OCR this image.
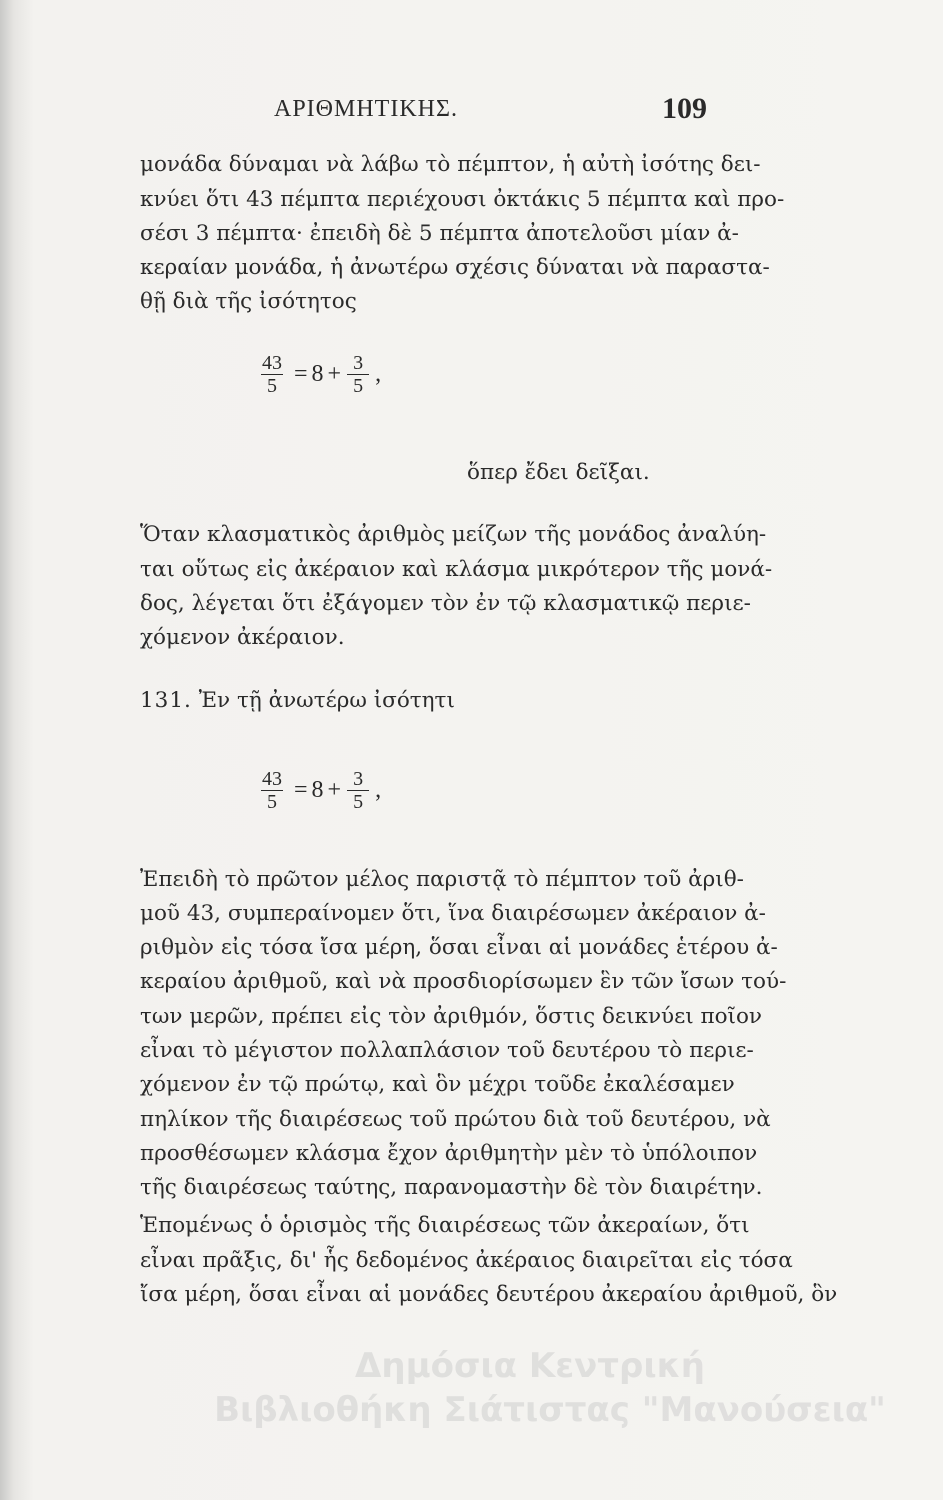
ΑΡΙΘΜΗΤΙΚΗΣ.	109
μονάδα δύναμαι νὰ λάβω τὸ πέμπτον, ἡ αὐτὴ ἰσότης δει-
κνύει ὅτι 43 πέμπτα περιέχουσι ὀκτάκις 5 πέμπτα καὶ προ-
σέσι 3 πέμπτα· ἐπειδὴ δὲ 5 πέμπτα ἀποτελοῦσι μίαν ἀ-
κεραίαν μονάδα, ἡ ἀνωτέρω σχέσις δύναται νὰ παραστα-
θῇ διὰ τῆς ἰσότητος
$\frac{43}{5} = 8 + \frac{3}{5}$ ,
ὅπερ ἔδει δεῖξαι.
Ὅταν κλασματικὸς ἀριθμὸς μείζων τῆς μονάδος ἀναλύη-
ται οὕτως εἰς ἀκέραιον καὶ κλάσμα μικρότερον τῆς μονά-
δος, λέγεται ὅτι ἐξάγομεν τὸν ἐν τῷ κλασματικῷ περιε-
χόμενον ἀκέραιον.
131. Ἐν τῇ ἀνωτέρω ἰσότητι
$\frac{43}{5} = 8 + \frac{3}{5}$ ,
Ἐπειδὴ τὸ πρῶτον μέλος παριστᾷ τὸ πέμπτον τοῦ ἀριθ-
μοῦ 43, συμπεραίνομεν ὅτι, ἵνα διαιρέσωμεν ἀκέραιον ἀ-
ριθμὸν εἰς τόσα ἴσα μέρη, ὅσαι εἶναι αἱ μονάδες ἑτέρου ἀ-
κεραίου ἀριθμοῦ, καὶ νὰ προσδιορίσωμεν ἓν τῶν ἴσων τού-
των μερῶν, πρέπει εἰς τὸν ἀριθμόν, ὅστις δεικνύει ποῖον
εἶναι τὸ μέγιστον πολλαπλάσιον τοῦ δευτέρου τὸ περιε-
χόμενον ἐν τῷ πρώτῳ, καὶ ὃν μέχρι τοῦδε ἐκαλέσαμεν
πηλίκον τῆς διαιρέσεως τοῦ πρώτου διὰ τοῦ δευτέρου, νὰ
προσθέσωμεν κλάσμα ἔχον ἀριθμητὴν μὲν τὸ ὑπόλοιπον
τῆς διαιρέσεως ταύτης, παρανομαστὴν δὲ τὸν διαιρέτην.
Ἑπομένως ὁ ὁρισμὸς τῆς διαιρέσεως τῶν ἀκεραίων, ὅτι
εἶναι πρᾶξις, δι' ἧς δεδομένος ἀκέραιος διαιρεῖται εἰς τόσα
ἴσα μέρη, ὅσαι εἶναι αἱ μονάδες δευτέρου ἀκεραίου ἀριθμοῦ, ὃν
Δημόσια Κεντρική
Βιβλιοθήκη Σιάτιστας "Μανούσεια"
